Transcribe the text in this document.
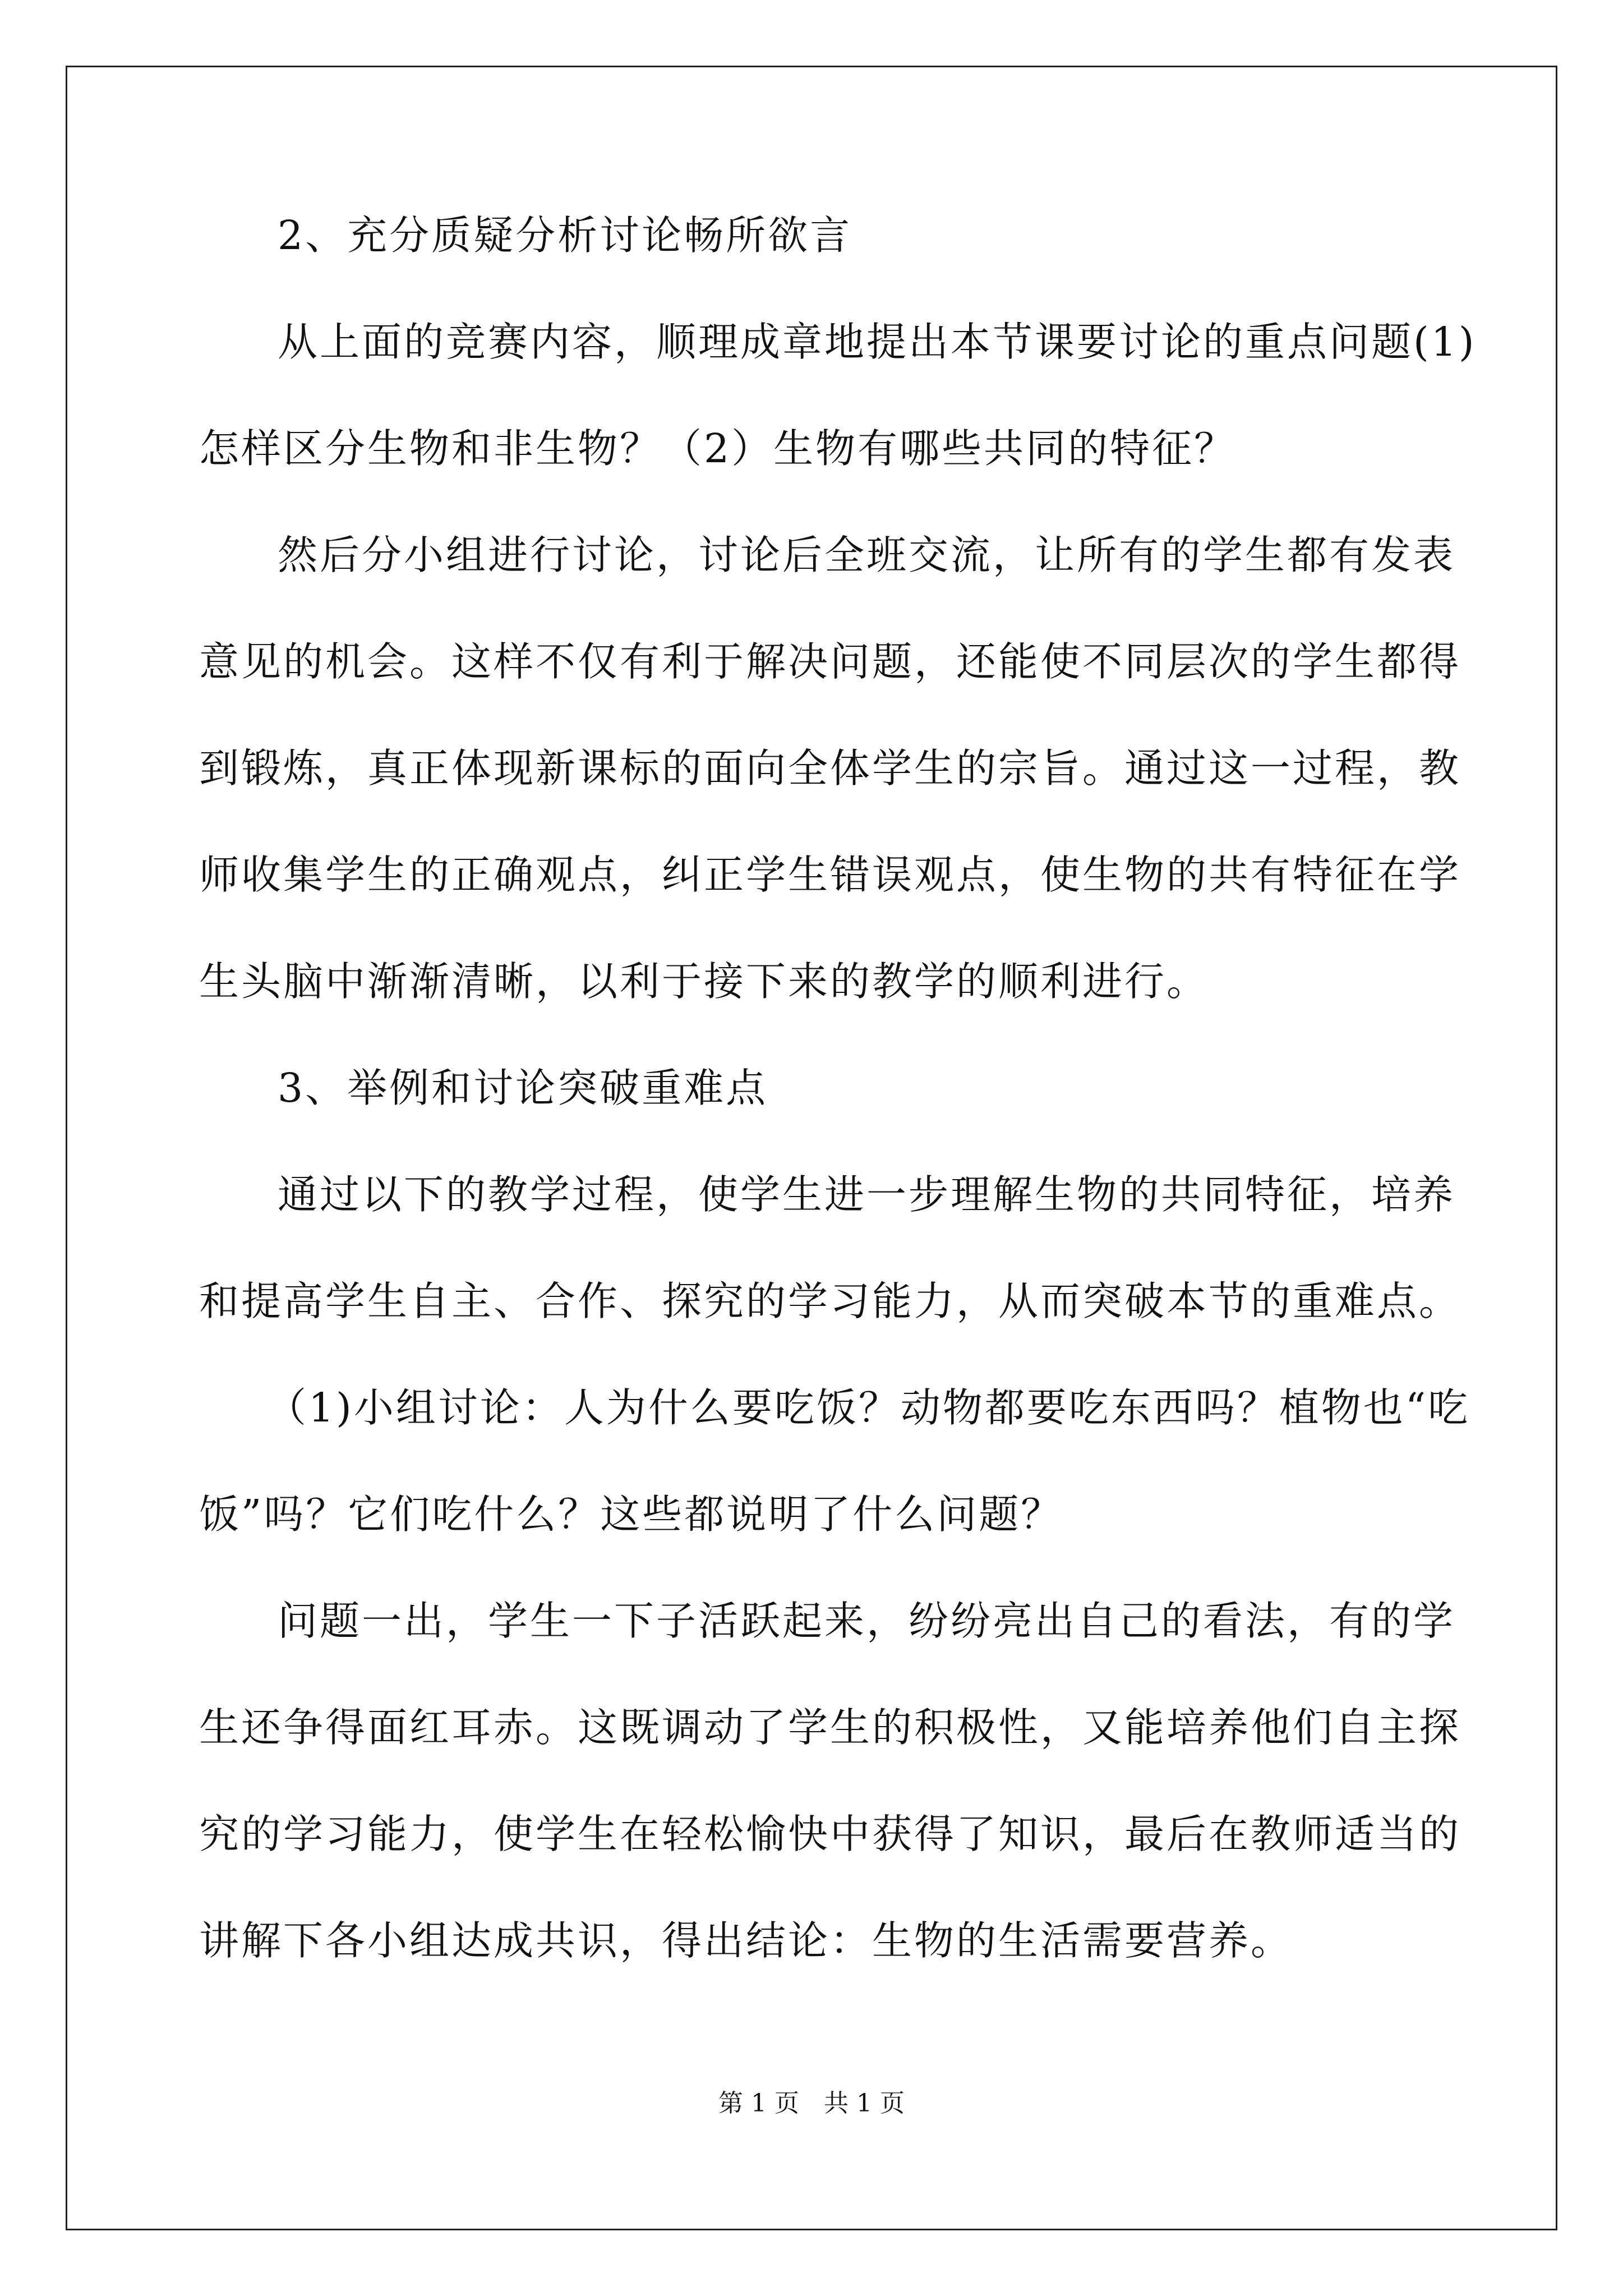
2、充分质疑分析讨论畅所欲言
从上面的竞赛内容，顺理成章地提出本节课要讨论的重点问题(1)
怎样区分生物和非生物？（2）生物有哪些共同的特征？
然后分小组进行讨论，讨论后全班交流，让所有的学生都有发表
意见的机会。这样不仅有利于解决问题，还能使不同层次的学生都得
到锻炼，真正体现新课标的面向全体学生的宗旨。通过这一过程，教
师收集学生的正确观点，纠正学生错误观点，使生物的共有特征在学
生头脑中渐渐清晰，以利于接下来的教学的顺利进行。
3、举例和讨论突破重难点
通过以下的教学过程，使学生进一步理解生物的共同特征，培养
和提高学生自主、合作、探究的学习能力，从而突破本节的重难点。
（1)小组讨论：人为什么要吃饭？动物都要吃东西吗？植物也“吃
饭”吗？它们吃什么？这些都说明了什么问题？
问题一出，学生一下子活跃起来，纷纷亮出自己的看法，有的学
生还争得面红耳赤。这既调动了学生的积极性，又能培养他们自主探
究的学习能力，使学生在轻松愉快中获得了知识，最后在教师适当的
讲解下各小组达成共识，得出结论：生物的生活需要营养。
第 1 页　共 1 页
